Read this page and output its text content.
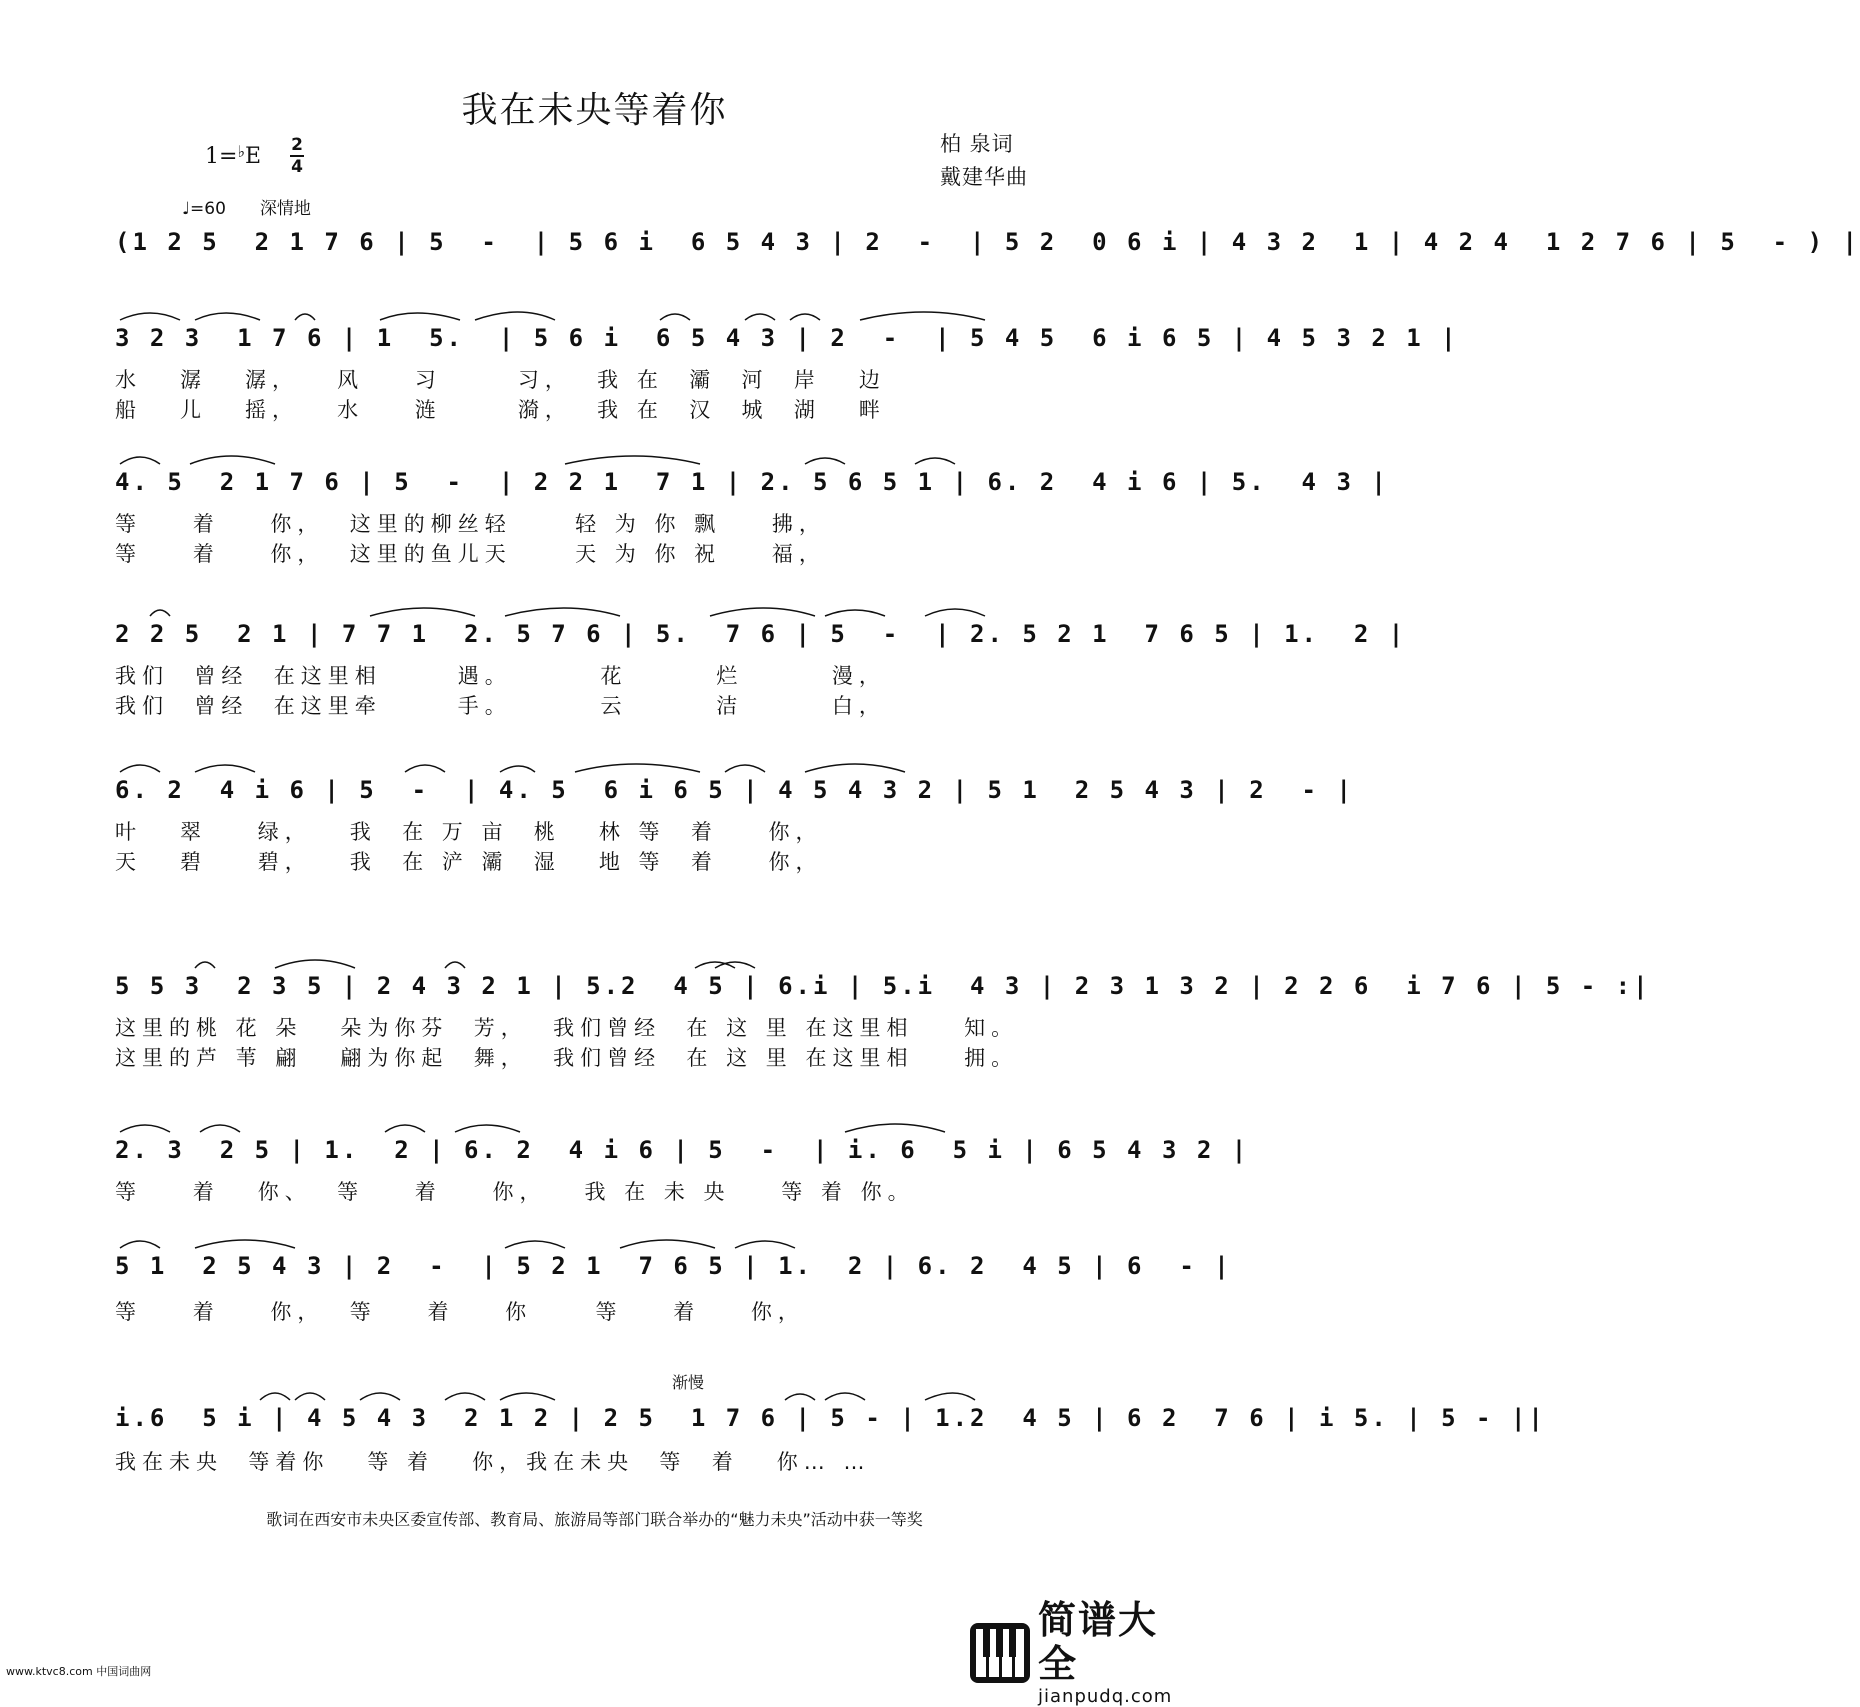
我在未央等着你
1=♭E 2
4
♩=60 深情地
柏 泉词
戴建华曲
(1 2 5  2 1 7 6 | 5  -  | 5 6 i  6 5 4 3 | 2  -  | 5 2  0 6 i | 4 3 2  1 | 4 2 4  1 2 7 6 | 5  - ) |
3 2 3  1 7 6 | 1  5.  | 5 6 i  6 5 4 3 | 2  -  | 5 4 5  6 i 6 5 | 4 5 3 2 1 |
水   潺   潺，   风    习      习，  我 在  灞  河  岸   边
船   儿   摇，   水    涟      漪，  我 在  汉  城  湖   畔
4. 5  2 1 7 6 | 5  -  | 2 2 1  7 1 | 2. 5 6 5 1 | 6. 2  4 i 6 | 5.  4 3 |
等    着    你，  这里的柳丝轻     轻 为 你 飘    拂，
等    着    你，  这里的鱼儿天     天 为 你 祝    福，
2 2 5  2 1 | 7 7 1  2. 5 7 6 | 5.  7 6 | 5  -  | 2. 5 2 1  7 6 5 | 1.  2 |
我们  曾经  在这里相      遇。       花       烂       漫，
我们  曾经  在这里牵      手。       云       洁       白，
6. 2  4 i 6 | 5  -  | 4. 5  6 i 6 5 | 4 5 4 3 2 | 5 1  2 5 4 3 | 2  - |
叶   翠    绿，   我  在 万 亩  桃   林 等  着    你，
天   碧    碧，   我  在 浐 灞  湿   地 等  着    你，
5 5 3  2 3 5 | 2 4 3 2 1 | 5.2  4 5 | 6.i | 5.i  4 3 | 2 3 1 3 2 | 2 2 6  i 7 6 | 5 - :|
这里的桃 花 朵   朵为你芬  芳，  我们曾经  在 这 里 在这里相    知。
这里的芦 苇 翩   翩为你起  舞，  我们曾经  在 这 里 在这里相    拥。
2. 3  2 5 | 1.  2 | 6. 2  4 i 6 | 5  -  | i. 6  5 i | 6 5 4 3 2 |
等    着   你、  等    着    你，   我 在 未 央    等 着 你。
5 1  2 5 4 3 | 2  -  | 5 2 1  7 6 5 | 1.  2 | 6. 2  4 5 | 6  - |
等    着    你，  等    着    你     等    着    你，
渐慢
i.6  5 i | 4 5 4 3  2 1 2 | 2 5  1 7 6 | 5 - | 1.2  4 5 | 6 2  7 6 | i 5. | 5 - ||
我在未央  等着你   等 着   你，我在未央  等  着   你… …
歌词在西安市未央区委宣传部、教育局、旅游局等部门联合举办的“魅力未央”活动中获一等奖
www.ktvc8.com 中国词曲网
简谱大全
jianpudq.com
